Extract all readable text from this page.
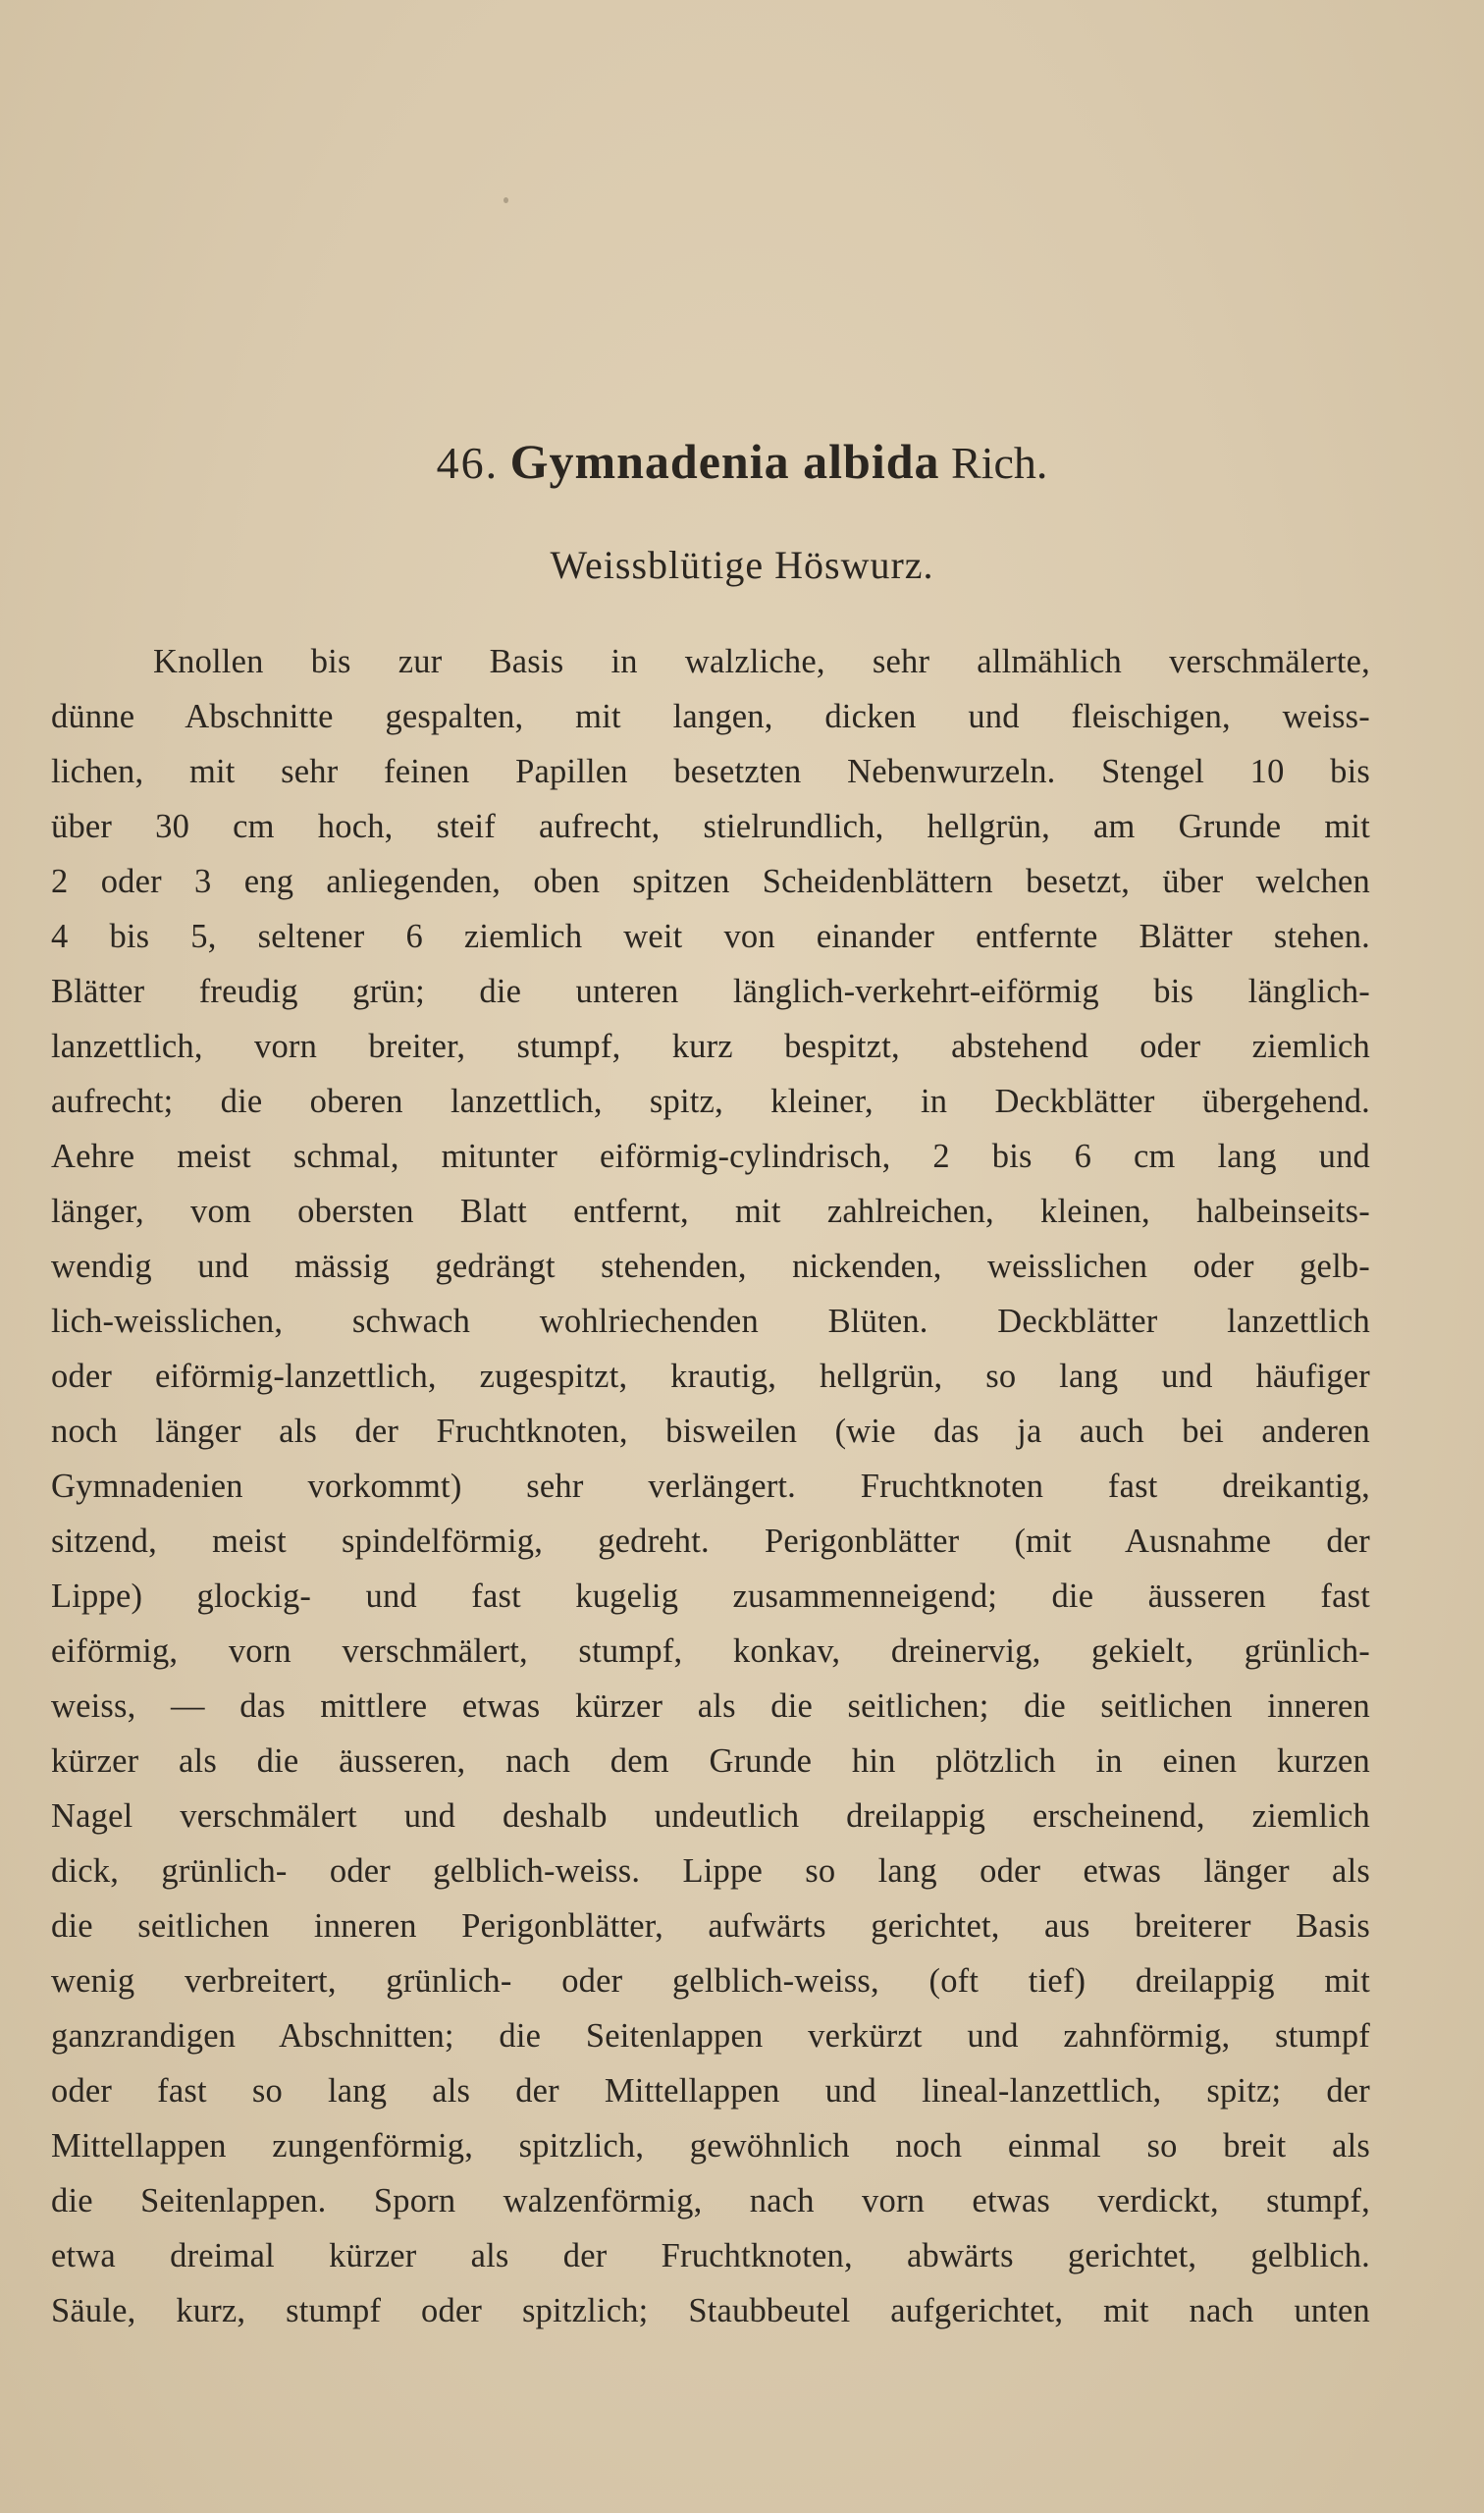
46. Gymnadenia albida Rich.
Weissblütige Höswurz.
Knollen bis zur Basis in walzliche, sehr allmählich verschmälerte,
dünne Abschnitte gespalten, mit langen, dicken und fleischigen, weiss-
lichen, mit sehr feinen Papillen besetzten Nebenwurzeln. Stengel 10 bis
über 30 cm hoch, steif aufrecht, stielrundlich, hellgrün, am Grunde mit
2 oder 3 eng anliegenden, oben spitzen Scheidenblättern besetzt, über welchen
4 bis 5, seltener 6 ziemlich weit von einander entfernte Blätter stehen.
Blätter freudig grün; die unteren länglich-verkehrt-eiförmig bis länglich-
lanzettlich, vorn breiter, stumpf, kurz bespitzt, abstehend oder ziemlich
aufrecht; die oberen lanzettlich, spitz, kleiner, in Deckblätter übergehend.
Aehre meist schmal, mitunter eiförmig-cylindrisch, 2 bis 6 cm lang und
länger, vom obersten Blatt entfernt, mit zahlreichen, kleinen, halbeinseits-
wendig und mässig gedrängt stehenden, nickenden, weisslichen oder gelb-
lich-weisslichen, schwach wohlriechenden Blüten. Deckblätter lanzettlich
oder eiförmig-lanzettlich, zugespitzt, krautig, hellgrün, so lang und häufiger
noch länger als der Fruchtknoten, bisweilen (wie das ja auch bei anderen
Gymnadenien vorkommt) sehr verlängert. Fruchtknoten fast dreikantig,
sitzend, meist spindelförmig, gedreht. Perigonblätter (mit Ausnahme der
Lippe) glockig- und fast kugelig zusammenneigend; die äusseren fast
eiförmig, vorn verschmälert, stumpf, konkav, dreinervig, gekielt, grünlich-
weiss, — das mittlere etwas kürzer als die seitlichen; die seitlichen inneren
kürzer als die äusseren, nach dem Grunde hin plötzlich in einen kurzen
Nagel verschmälert und deshalb undeutlich dreilappig erscheinend, ziemlich
dick, grünlich- oder gelblich-weiss. Lippe so lang oder etwas länger als
die seitlichen inneren Perigonblätter, aufwärts gerichtet, aus breiterer Basis
wenig verbreitert, grünlich- oder gelblich-weiss, (oft tief) dreilappig mit
ganzrandigen Abschnitten; die Seitenlappen verkürzt und zahnförmig, stumpf
oder fast so lang als der Mittellappen und lineal-lanzettlich, spitz; der
Mittellappen zungenförmig, spitzlich, gewöhnlich noch einmal so breit als
die Seitenlappen. Sporn walzenförmig, nach vorn etwas verdickt, stumpf,
etwa dreimal kürzer als der Fruchtknoten, abwärts gerichtet, gelblich.
Säule, kurz, stumpf oder spitzlich; Staubbeutel aufgerichtet, mit nach unten
